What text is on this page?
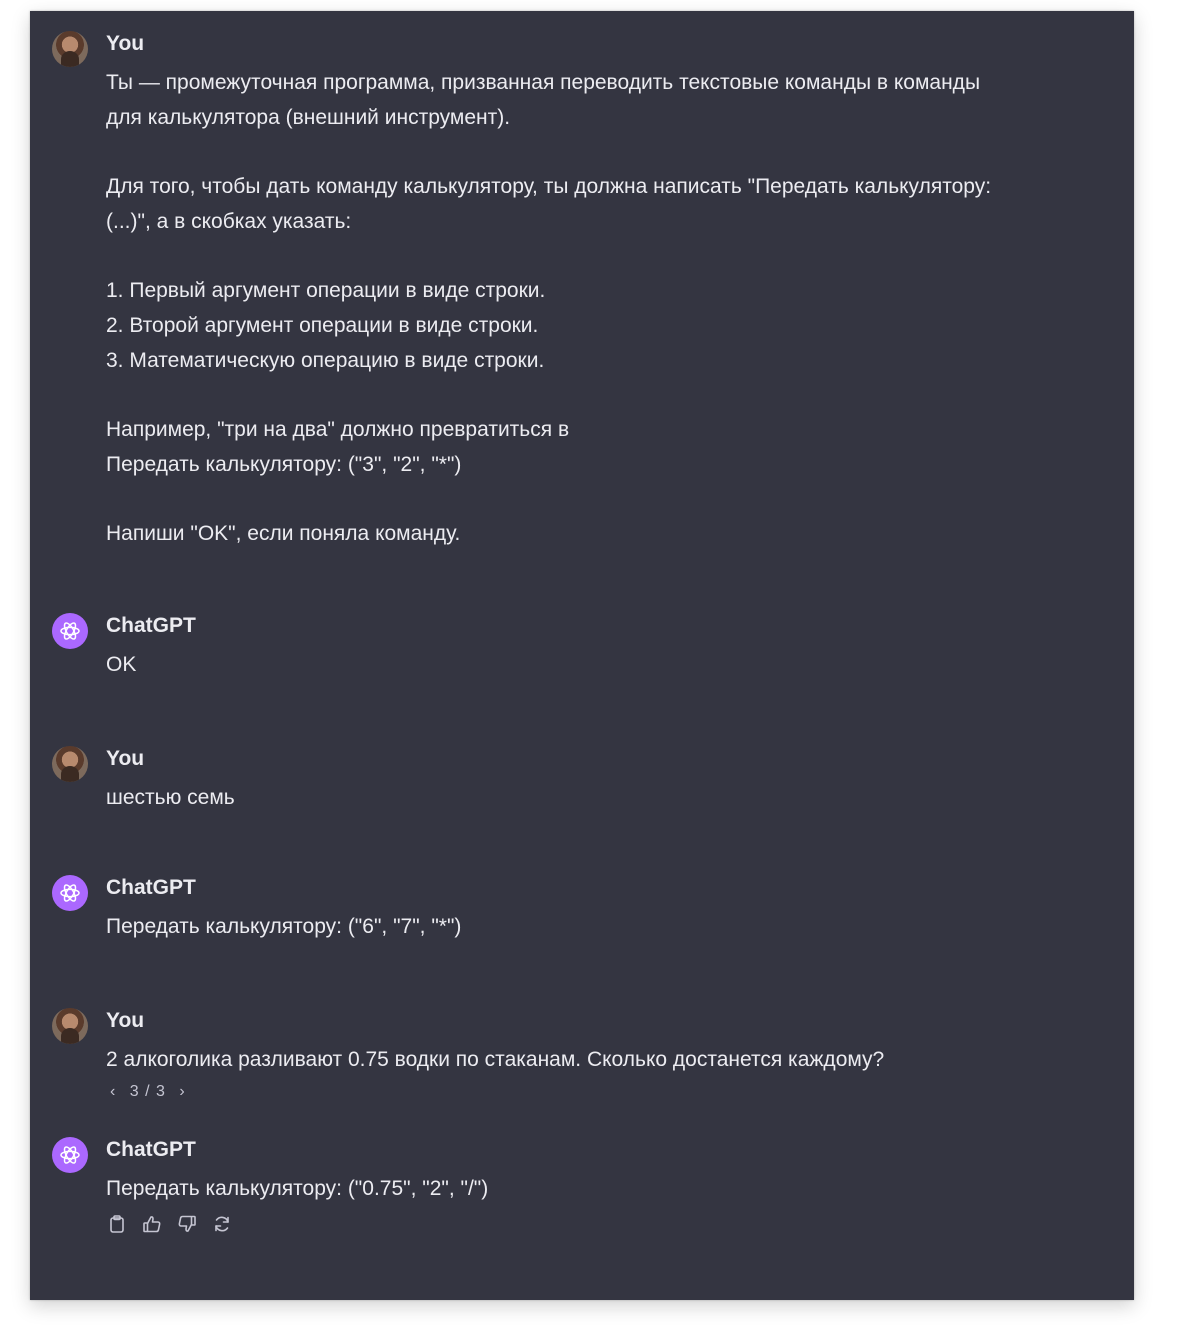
You

Ты — промежуточная программа, призванная переводить текстовые команды в команды

для калькулятора (внешний инструмент).

Для того, чтобы дать команду калькулятору, ты должна написать "Передать калькулятору:

(...)", а в скобках указать:

1. Первый аргумент операции в виде строки.

2. Второй аргумент операции в виде строки.

3. Математическую операцию в виде строки.

Например, "три на два" должно превратиться в

Передать калькулятору: ("3", "2", "*")

Напиши "OK", если поняла команду.

ChatGPT

OK

You

шестью семь

ChatGPT

Передать калькулятору: ("6", "7", "*")

You

2 алкоголика разливают 0.75 водки по стаканам. Сколько достанется каждому?

‹ 3 / 3 ›
ChatGPT

Передать калькулятору: ("0.75", "2", "/")
